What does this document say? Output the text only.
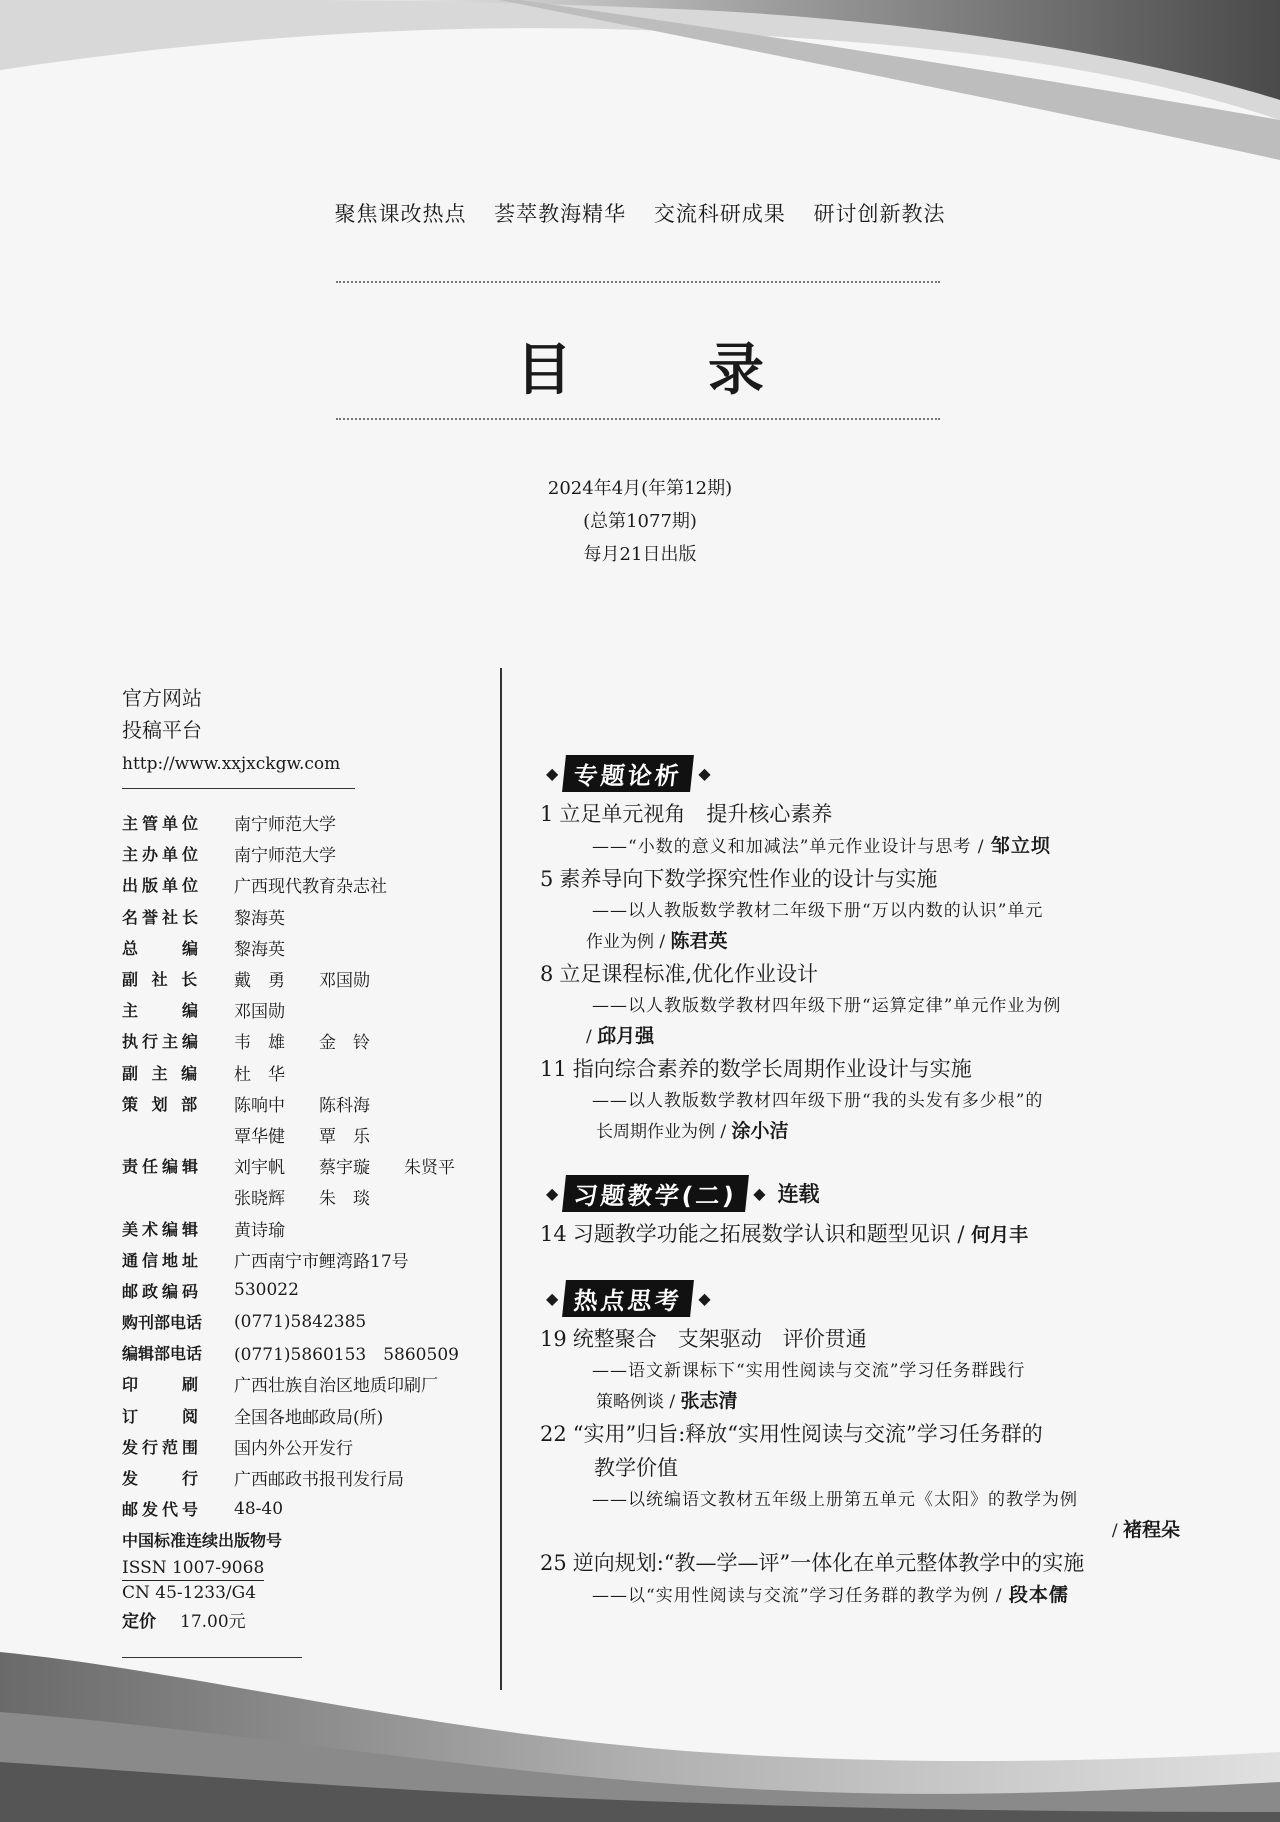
聚焦课改热点 荟萃教海精华 交流科研成果 研讨创新教法
目　录
2024年4月(年第12期)
(总第1077期)
每月21日出版
官方网站
投稿平台
http://www.xxjxckgw.com
主管单位	南宁师范大学
主办单位	南宁师范大学
出版单位	广西现代教育杂志社
名誉社长	黎海英
总　　编	黎海英
副 社 长	戴　勇　　邓国勋
主　　编	邓国勋
执行主编	韦　雄　　金　铃
副 主 编	杜　华
策 划 部	陈响中　　陈科海
覃华健　　覃　乐
责任编辑	刘宇帆　　蔡宇璇　　朱贤平
张晓辉　　朱　琰
美术编辑	黄诗瑜
通信地址	广西南宁市鲤湾路17号
邮政编码	530022
购刊部电话	(0771)5842385
编辑部电话	(0771)5860153　5860509
印　　刷	广西壮族自治区地质印刷厂
订　　阅	全国各地邮政局(所)
发行范围	国内外公开发行
发　　行	广西邮政书报刊发行局
邮发代号	48-40
中国标准连续出版物号
ISSN 1007-9068
CN 45-1233/G4
定价	17.00元
◆ 专题论析 ◆
1 立足单元视角　提升核心素养
——“小数的意义和加减法”单元作业设计与思考 / 邹立坝
5 素养导向下数学探究性作业的设计与实施
——以人教版数学教材二年级下册“万以内数的认识”单元
作业为例 / 陈君英
8 立足课程标准,优化作业设计
——以人教版数学教材四年级下册“运算定律”单元作业为例
/ 邱月强
11 指向综合素养的数学长周期作业设计与实施
——以人教版数学教材四年级下册“我的头发有多少根”的
长周期作业为例 / 涂小洁
◆ 习题教学(二) ◆ 连载
14 习题教学功能之拓展数学认识和题型见识 / 何月丰
◆ 热点思考 ◆
19 统整聚合　支架驱动　评价贯通
——语文新课标下“实用性阅读与交流”学习任务群践行
策略例谈 / 张志清
22 “实用”归旨:释放“实用性阅读与交流”学习任务群的
教学价值
——以统编语文教材五年级上册第五单元《太阳》的教学为例
/ 褚程朵
25 逆向规划:“教—学—评”一体化在单元整体教学中的实施
——以“实用性阅读与交流”学习任务群的教学为例 / 段本儒
